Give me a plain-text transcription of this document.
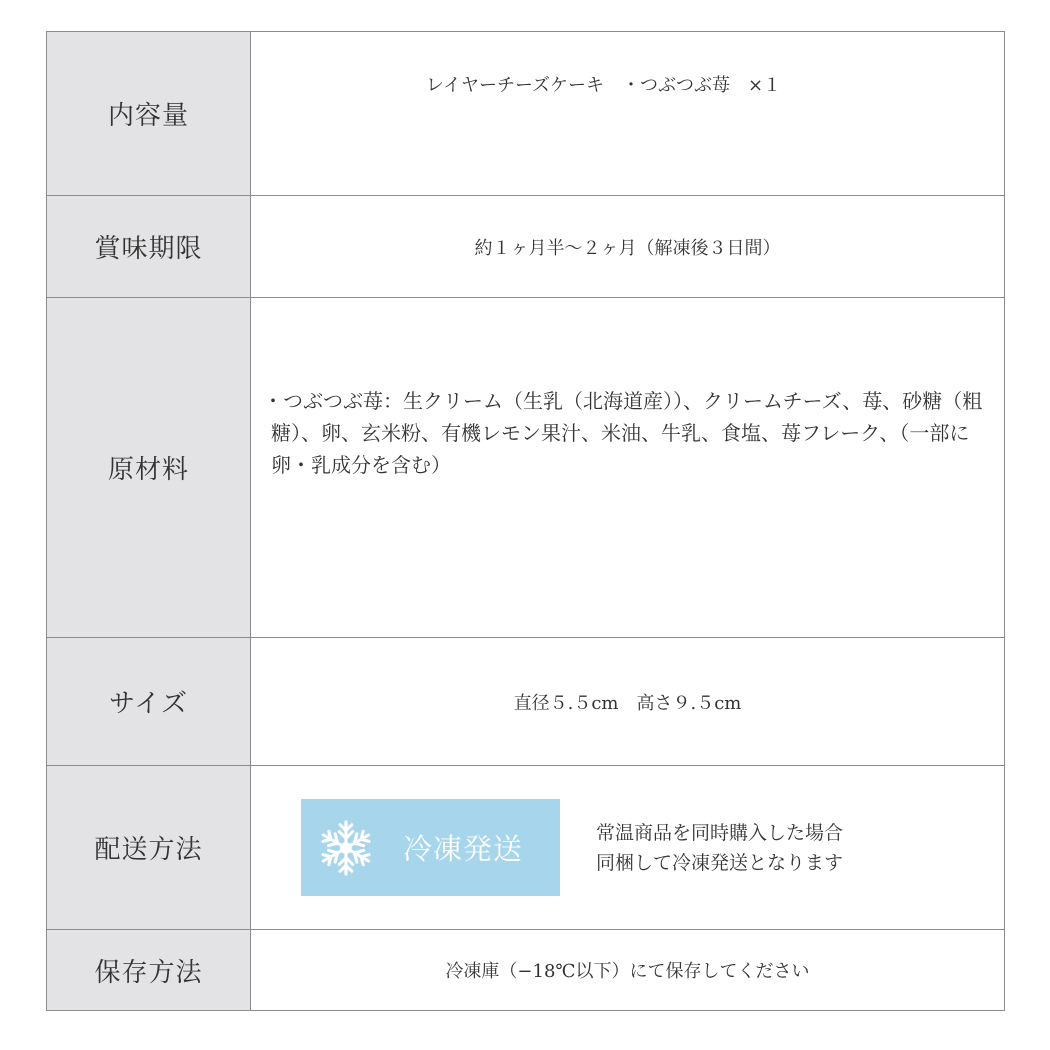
内容量	レイヤーチーズケーキ　・つぶつぶ苺　×１
賞味期限	約１ヶ月半～２ヶ月（解凍後３日間）
原材料	・つぶつぶ苺：生クリーム（生乳（北海道産））、クリームチーズ、苺、砂糖（粗糖）、卵、玄米粉、有機レモン果汁、米油、牛乳、食塩、苺フレーク、（一部に卵・乳成分を含む）

サイズ	直径５.５cm　高さ９.５cm
配送方法	冷凍発送 常温商品を同時購入した場合
同梱して冷凍発送となります

保存方法	冷凍庫（−18℃以下）にて保存してください
